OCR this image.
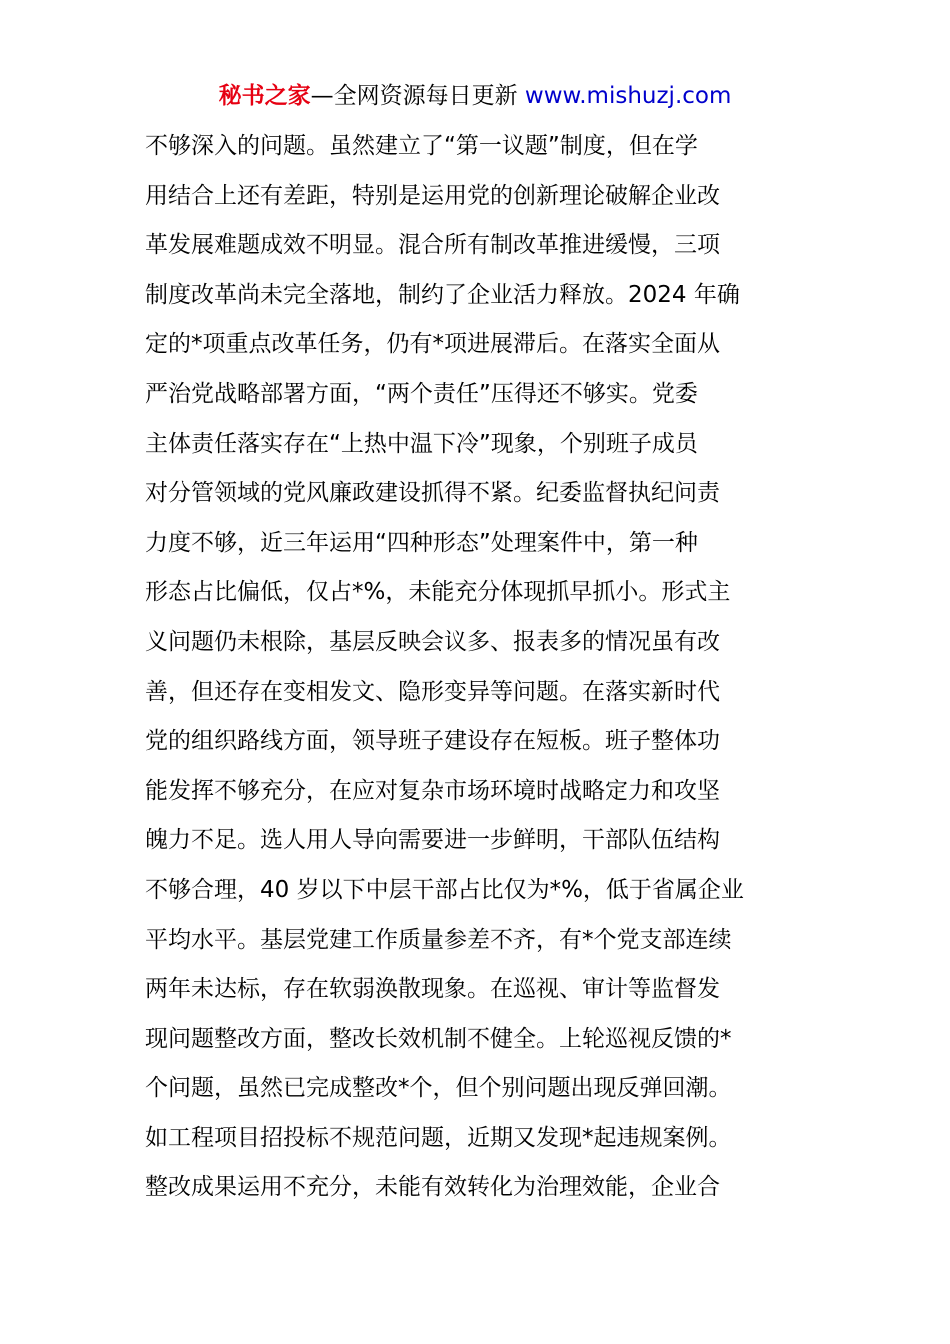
秘书之家—全网资源每日更新 www.mishuzj.com
不够深入的问题。虽然建立了“第一议题”制度，但在学
用结合上还有差距，特别是运用党的创新理论破解企业改
革发展难题成效不明显。混合所有制改革推进缓慢，三项
制度改革尚未完全落地，制约了企业活力释放。2024 年确
定的*项重点改革任务，仍有*项进展滞后。在落实全面从
严治党战略部署方面，“两个责任”压得还不够实。党委
主体责任落实存在“上热中温下冷”现象，个别班子成员
对分管领域的党风廉政建设抓得不紧。纪委监督执纪问责
力度不够，近三年运用“四种形态”处理案件中，第一种
形态占比偏低，仅占*%，未能充分体现抓早抓小。形式主
义问题仍未根除，基层反映会议多、报表多的情况虽有改
善，但还存在变相发文、隐形变异等问题。在落实新时代
党的组织路线方面，领导班子建设存在短板。班子整体功
能发挥不够充分，在应对复杂市场环境时战略定力和攻坚
魄力不足。选人用人导向需要进一步鲜明，干部队伍结构
不够合理，40 岁以下中层干部占比仅为*%，低于省属企业
平均水平。基层党建工作质量参差不齐，有*个党支部连续
两年未达标，存在软弱涣散现象。在巡视、审计等监督发
现问题整改方面，整改长效机制不健全。上轮巡视反馈的*
个问题，虽然已完成整改*个，但个别问题出现反弹回潮。
如工程项目招投标不规范问题，近期又发现*起违规案例。
整改成果运用不充分，未能有效转化为治理效能，企业合
